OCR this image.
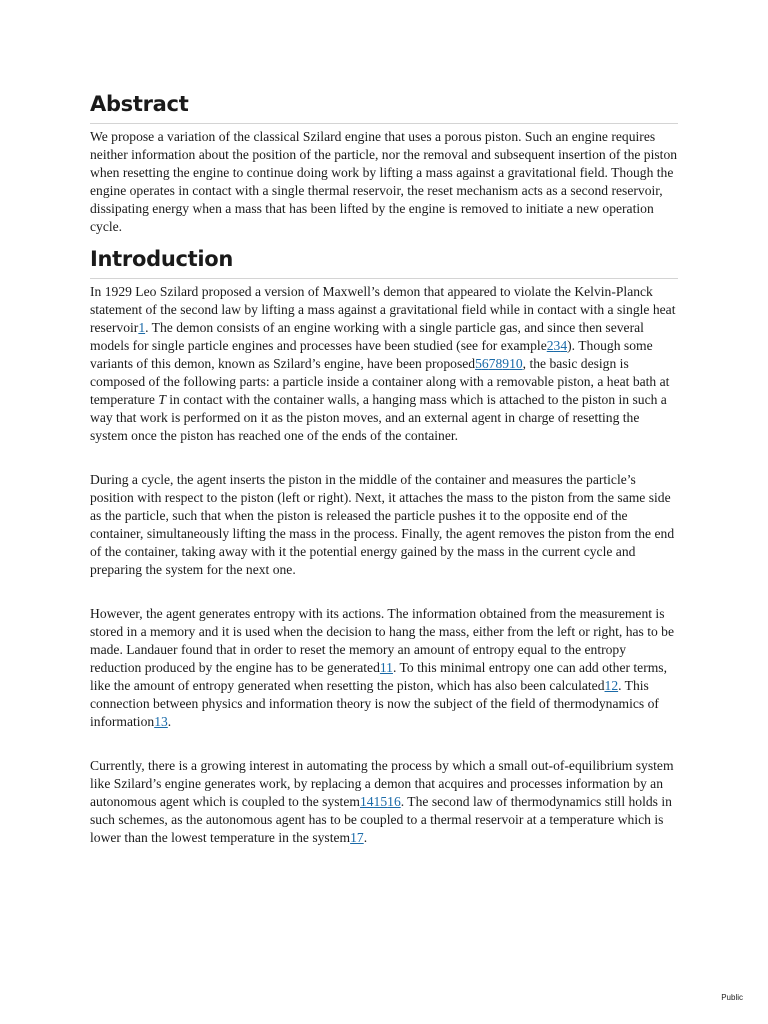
Abstract

We propose a variation of the classical Szilard engine that uses a porous piston. Such an engine requires neither information about the position of the particle, nor the removal and subsequent insertion of the piston when resetting the engine to continue doing work by lifting a mass against a gravitational field. Though the engine operates in contact with a single thermal reservoir, the reset mechanism acts as a second reservoir, dissipating energy when a mass that has been lifted by the engine is removed to initiate a new operation cycle.

Introduction

In 1929 Leo Szilard proposed a version of Maxwell’s demon that appeared to violate the Kelvin-Planck statement of the second law by lifting a mass against a gravitational field while in contact with a single heat reservoir1. The demon consists of an engine working with a single particle gas, and since then several models for single particle engines and processes have been studied (see for example234). Though some variants of this demon, known as Szilard’s engine, have been proposed5678910, the basic design is composed of the following parts: a particle inside a container along with a removable piston, a heat bath at temperature T in contact with the container walls, a hanging mass which is attached to the piston in such a way that work is performed on it as the piston moves, and an external agent in charge of resetting the system once the piston has reached one of the ends of the container.

During a cycle, the agent inserts the piston in the middle of the container and measures the particle’s position with respect to the piston (left or right). Next, it attaches the mass to the piston from the same side as the particle, such that when the piston is released the particle pushes it to the opposite end of the container, simultaneously lifting the mass in the process. Finally, the agent removes the piston from the end of the container, taking away with it the potential energy gained by the mass in the current cycle and preparing the system for the next one.

However, the agent generates entropy with its actions. The information obtained from the measurement is stored in a memory and it is used when the decision to hang the mass, either from the left or right, has to be made. Landauer found that in order to reset the memory an amount of entropy equal to the entropy reduction produced by the engine has to be generated11. To this minimal entropy one can add other terms, like the amount of entropy generated when resetting the piston, which has also been calculated12. This connection between physics and information theory is now the subject of the field of thermodynamics of information13.

Currently, there is a growing interest in automating the process by which a small out-of-equilibrium system like Szilard’s engine generates work, by replacing a demon that acquires and processes information by an autonomous agent which is coupled to the system141516. The second law of thermodynamics still holds in such schemes, as the autonomous agent has to be coupled to a thermal reservoir at a temperature which is lower than the lowest temperature in the system17.

Public
